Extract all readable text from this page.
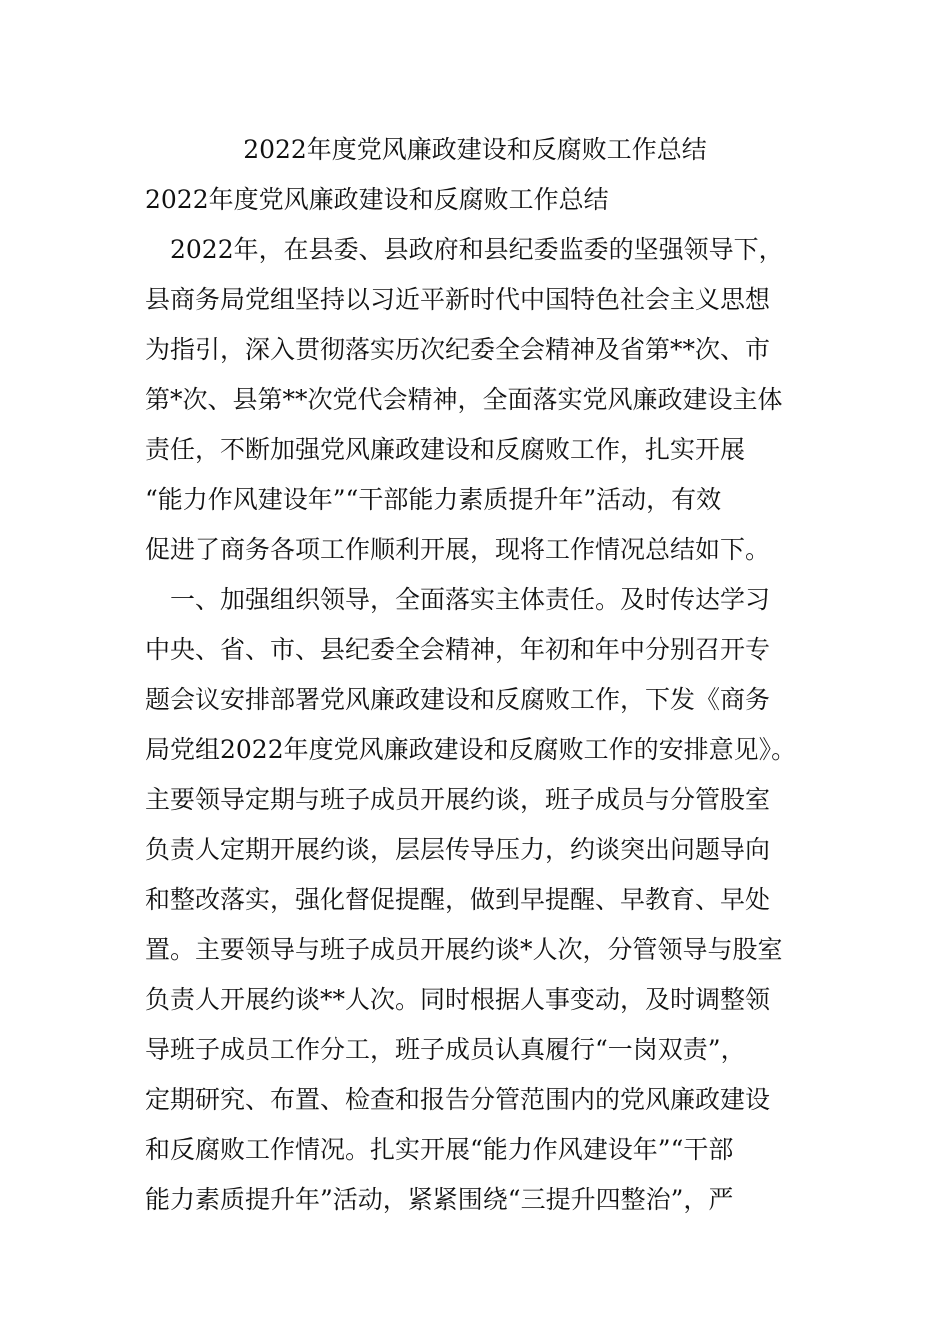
2022年度党风廉政建设和反腐败工作总结
2022年度党风廉政建设和反腐败工作总结
　2022年，在县委、县政府和县纪委监委的坚强领导下，
县商务局党组坚持以习近平新时代中国特色社会主义思想
为指引，深入贯彻落实历次纪委全会精神及省第**次、市
第*次、县第**次党代会精神，全面落实党风廉政建设主体
责任，不断加强党风廉政建设和反腐败工作，扎实开展
“能力作风建设年”“干部能力素质提升年”活动，有效
促进了商务各项工作顺利开展，现将工作情况总结如下。
　一、加强组织领导，全面落实主体责任。及时传达学习
中央、省、市、县纪委全会精神，年初和年中分别召开专
题会议安排部署党风廉政建设和反腐败工作，下发《商务
局党组2022年度党风廉政建设和反腐败工作的安排意见》。
主要领导定期与班子成员开展约谈，班子成员与分管股室
负责人定期开展约谈，层层传导压力，约谈突出问题导向
和整改落实，强化督促提醒，做到早提醒、早教育、早处
置。主要领导与班子成员开展约谈*人次，分管领导与股室
负责人开展约谈**人次。同时根据人事变动，及时调整领
导班子成员工作分工，班子成员认真履行“一岗双责”，
定期研究、布置、检查和报告分管范围内的党风廉政建设
和反腐败工作情况。扎实开展“能力作风建设年”“干部
能力素质提升年”活动，紧紧围绕“三提升四整治”，严
